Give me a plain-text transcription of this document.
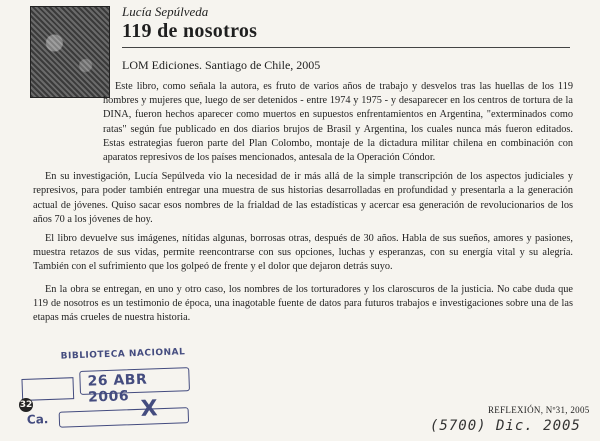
Lucía Sepúlveda
119 de nosotros
LOM Ediciones. Santiago de Chile, 2005

Este libro, como señala la autora, es fruto de varios años de trabajo y desvelos tras las huellas de los 119 hombres y mujeres que, luego de ser detenidos - entre 1974 y 1975 - y desaparecer en los centros de tortura de la DINA, fueron hechos aparecer como muertos en supuestos enfrentamientos en Argentina, "exterminados como ratas" según fue publicado en dos diarios brujos de Brasil y Argentina, los cuales nunca más fueron editados. Estas estrategias fueron parte del Plan Colombo, montaje de la dictadura militar chilena en combinación con aparatos represivos de los países mencionados, antesala de la Operación Cóndor.

En su investigación, Lucía Sepúlveda vio la necesidad de ir más allá de la simple transcripción de los aspectos judiciales y represivos, para poder también entregar una muestra de sus historias desarrolladas en profundidad y presentarla a la generación actual de jóvenes. Quiso sacar esos nombres de la frialdad de las estadísticas y acercar esa generación de revolucionarios de los años 70 a los jóvenes de hoy.

El libro devuelve sus imágenes, nítidas algunas, borrosas otras, después de 30 años. Habla de sus sueños, amores y pasiones, muestra retazos de sus vidas, permite reencontrarse con sus opciones, luchas y esperanzas, con su energía vital y su alegría. También con el sufrimiento que los golpeó de frente y el dolor que dejaron detrás suyo.

En la obra se entregan, en uno y otro caso, los nombres de los torturadores y los claroscuros de la justicia. No cabe duda que 119 de nosotros es un testimonio de época, una inagotable fuente de datos para futuros trabajos e investigaciones sobre una de las etapas más crueles de nuestra historia.

BIBLIOTECA NACIONAL
26 ABR 2006
Ca.	X
32	REFLEXIÓN, Nº31, 2005
(5700) Dic. 2005
